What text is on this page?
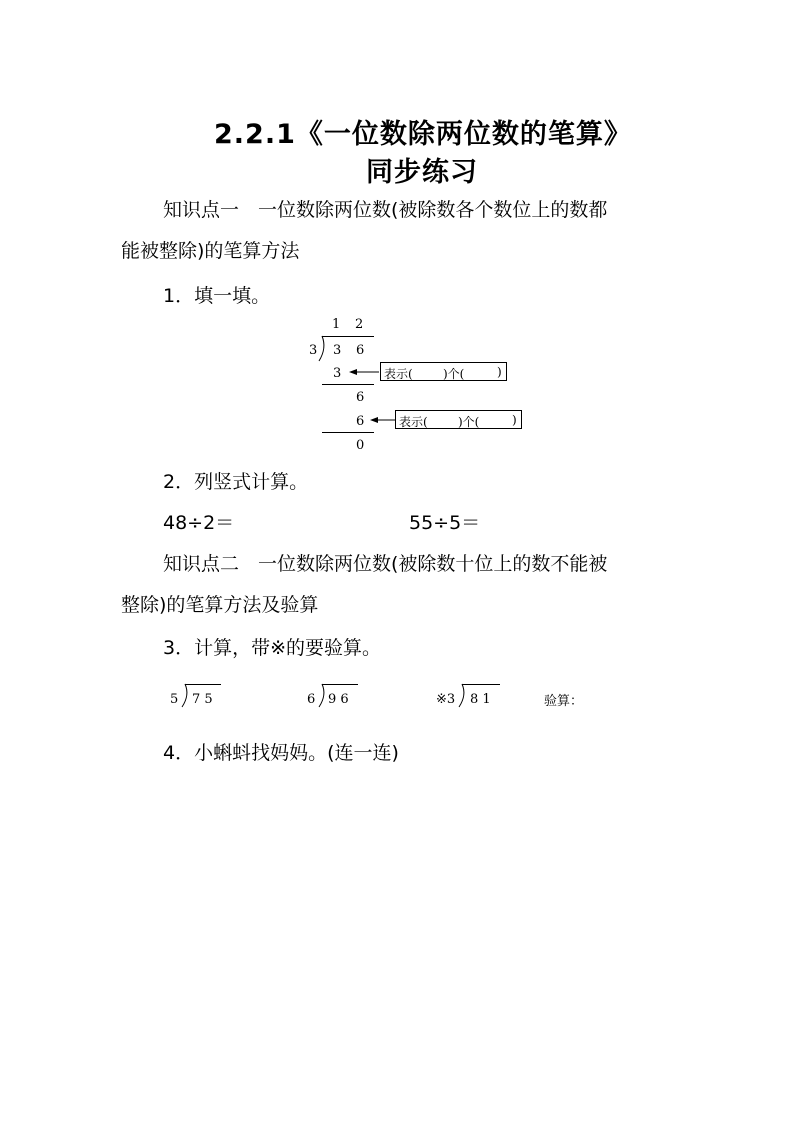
2.2.1《一位数除两位数的笔算》
同步练习
知识点一　一位数除两位数(被除数各个数位上的数都
能被整除)的笔算方法
1．填一填。
1 2
3 3 6
3
6
6
0
表示(	)个(	)
表示(	)个(	)
2．列竖式计算。
48÷2＝	55÷5＝
知识点二　一位数除两位数(被除数十位上的数不能被
整除)的笔算方法及验算
3．计算，带※的要验算。
5 7 5	6 9 6	※3 8 1	验算：
4．小蝌蚪找妈妈。(连一连)
